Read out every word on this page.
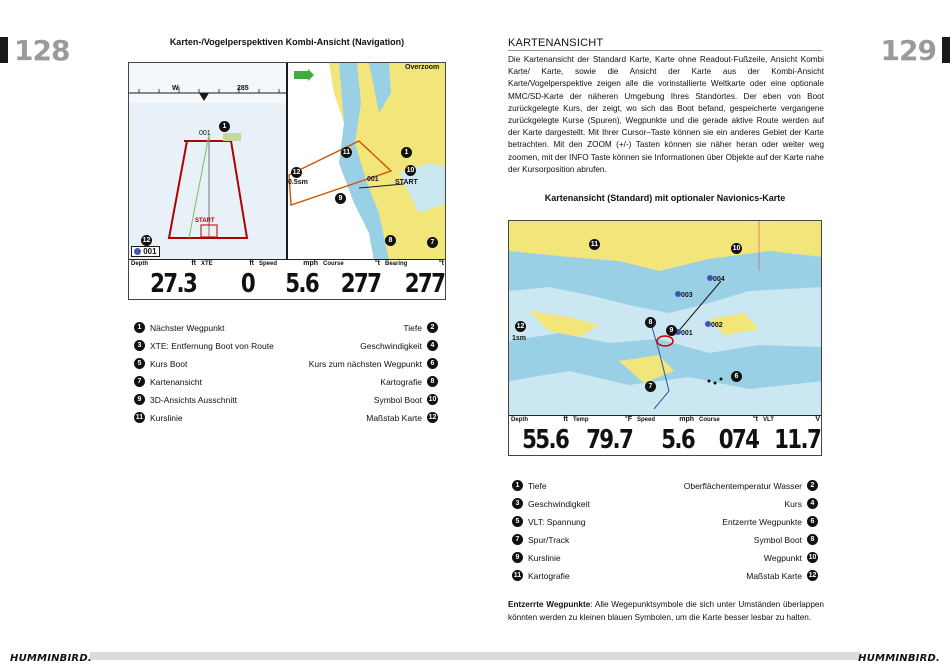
128	129
Karten-/Vogelperspektiven Kombi-Ansicht (Navigation)
Overzoom
W	285
001
START
0.5sm	START
001
001
1
12
1
11
10
12
9
8	7
Depth	ft
27.3
XTE	ft
0
Speed	mph
5.6
Course	°t
277
Bearing	°t
277
1	Nächster Wegpunkt	Tiefe	2
3	XTE: Entfernung Boot von Route	Geschwindigkeit	4
5	Kurs Boot	Kurs zum nächsten Wegpunkt	6
7	Kartenansicht	Kartografie	8
9	3D-Ansichts Ausschnitt	Symbol Boot 10
11 Kurslinie	Maßstab Karte 12
KARTENANSICHT
Die Kartenansicht der Standard Karte, Karte ohne Readout-Fußzeile, Ansicht Kombi Karte/ Karte, sowie die Ansicht der Karte aus der Kombi-Ansicht Karte/Vogelperspektive zeigen alle die vorinstallierte Weltkarte oder eine optionale MMC/SD-Karte der näheren Umgebung Ihres Standortes. Der eben von Boot zurückgelegte Kurs, der zeigt, wo sich das Boot befand, gespeicherte vergangene zurückgelegte Kurse (Spuren), Wegpunkte und die gerade aktive Route werden auf der Karte dargestellt. Mit Ihrer Cursor–Taste können sie ein anderes Gebiet der Karte betrachten. Mit den ZOOM (+/-) Tasten können sie näher heran oder weiter weg zoomen, mit der INFO Taste können sie Informationen über Objekte auf der Karte nahe der Kursorposition abrufen.
Kartenansicht (Standard) mit optionaler Navionics-Karte
1sm
001
002
003
004
11
10
12
8
7
6
9
Depth	ft
55.6
Temp	°F
79.7
Speed	mph
5.6
Course	°t
074
VLT	V
11.7
1	Tiefe	Oberflächentemperatur Wasser	2
3	Geschwindigkeit	Kurs	4
5	VLT: Spannung	Entzerrte Wegpunkte	6
7	Spur/Track	Symbol Boot	8
9	Kurslinie	Wegpunkt 10
11 Kartografie	Maßstab Karte 12
Entzerrte Wegpunkte: Alle Wegepunktsymbole die sich unter Umständen überlappen könnten werden zu kleinen blauen Symbolen, um die Karte besser lesbar zu halten.
HUMMINBIRD.	HUMMINBIRD.
